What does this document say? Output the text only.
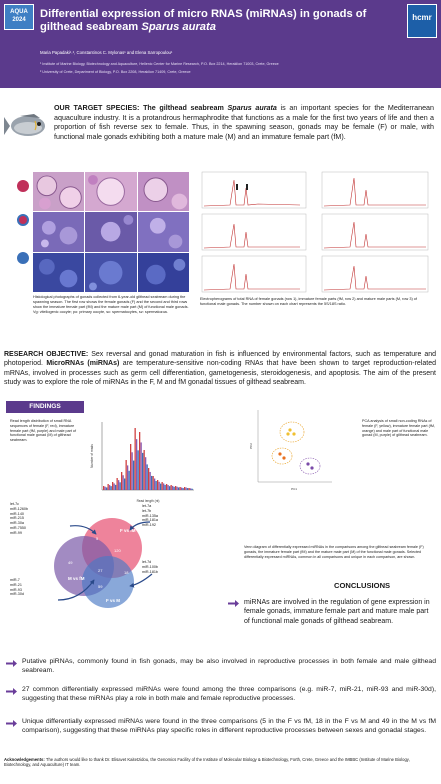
AQUA 2024	Differential expression of micro RNAS (miRNAs) in gonads of gilthead seabream Sparus aurata
Maria Papadaki¹˒², Constantinos C. Mylonas¹ and Elena Sarropoulou¹
¹ Institute of Marine Biology, Biotechnology and Aquaculture, Hellenic Center for Marine Research, P.O. Box 2214, Heraklion 71003, Crete, Greece
² University of Crete, Department of Biology, P.O. Box 2208, Heraklion 71409, Crete, Greece
hcmr
OUR TARGET SPECIES: The gilthead seabream Sparus aurata is an important species for the Mediterranean aquaculture industry. It is a protandrous hermaphrodite that functions as a male for the first two years of life and then a proportion of fish reverse sex to female. Thus, in the spawning season, gonads may be female (F) or male, with functional male gonads exhibiting both a mature male (M) and an immature female part (fM).
Histological photographs of gonads collected from 6-year-old gilthead seabream during the spawning season. The first row shows the female gonads (F) and the second and third rows show the immature female part (fM) and the mature male part (M) of functional male gonads. Vg: vitellogenic oocyte; po: primary oocyte, sc: spermatocytes, sz: spermatozoa.
Electropherograms of total RNA of female gonads (row 1), immature female parts (fM, row 2) and mature male parts (M, row 3) of functional male gonads. The number shown on each chart represents the 5S/18S ratio.
RESEARCH OBJECTIVE: Sex reversal and gonad maturation in fish is influenced by environmental factors, such as temperature and photoperiod. MicroRNAs (miRNAs) are temperature-sensitive non-coding RNAs that have been shown to target reproduction-related mRNAs, involved in processes such as germ cell differentiation, gametogenesis, steroidogenesis, and apoptosis. The aim of the present study was to explore the role of miRNAs in the F, M and fM gonadal tissues of gilthead seabream.
FINDINGS
Read length distribution of small RNA sequences of female (F, red), immature female part (fM, purple) and male part of functional male gonad (M) of gilthead seabream.
Read length (nt)
Number of reads
PC1
PC2
PCA analysis of small non-coding RNAs of female (F, yellow), immature female part (fM, orange) and male part of functional male gonad (M, purple) of gilthead seabream.
let-7c
miR-1260b
miR-140
miR-215
miR-30a
miR-7550
miR-99
let-7a
let-7b
miR-135a
miR-181a
miR-192
let-7d
miR-100b
miR-181b
miR-7
miR-21
miR-93
miR-30d
F vs fM
M vs fM
F vs M
5
120
49
27	18
59
Venn diagram of differentially expressed miRNAs in the comparisons among the gilthead seabream female (F) gonads, the immature female part (fM) and the mature male part (M) of the functional male gonads. Selected differentially expressed miRNAs, common in all comparisons and unique in each comparison, are shown.
CONCLUSIONS
miRNAs are involved in the regulation of gene expression in female gonads, immature female part and mature male part of functional male gonads of gilthead seabream.
Putative piRNAs, commonly found in fish gonads, may be also involved in reproductive processes in both female and male gilthead seabream.
27 common differentially expressed miRNAs were found among the three comparisons (e.g. miR-7, miR-21, miR-93 and miR-30d), suggesting that these miRNAs play a role in both male and female reproductive processes.
Unique differentially expressed miRNAs were found in the three comparisons (5 in the F vs fM, 18 in the F vs M and 49 in the M vs fM comparison), suggesting that these miRNAs play specific roles in different reproductive processes between sexes and gonadal stages.
Acknowledgements: The authors would like to thank Dr. Elisavet Kaitetzidou, the Genomics Facility of the Institute of Molecular Biology & Biotechnology, Forth, Crete, Greece and the IMBBC (Institute of Marine Biology, Biotechnology, and Aquaculture) IT team.
